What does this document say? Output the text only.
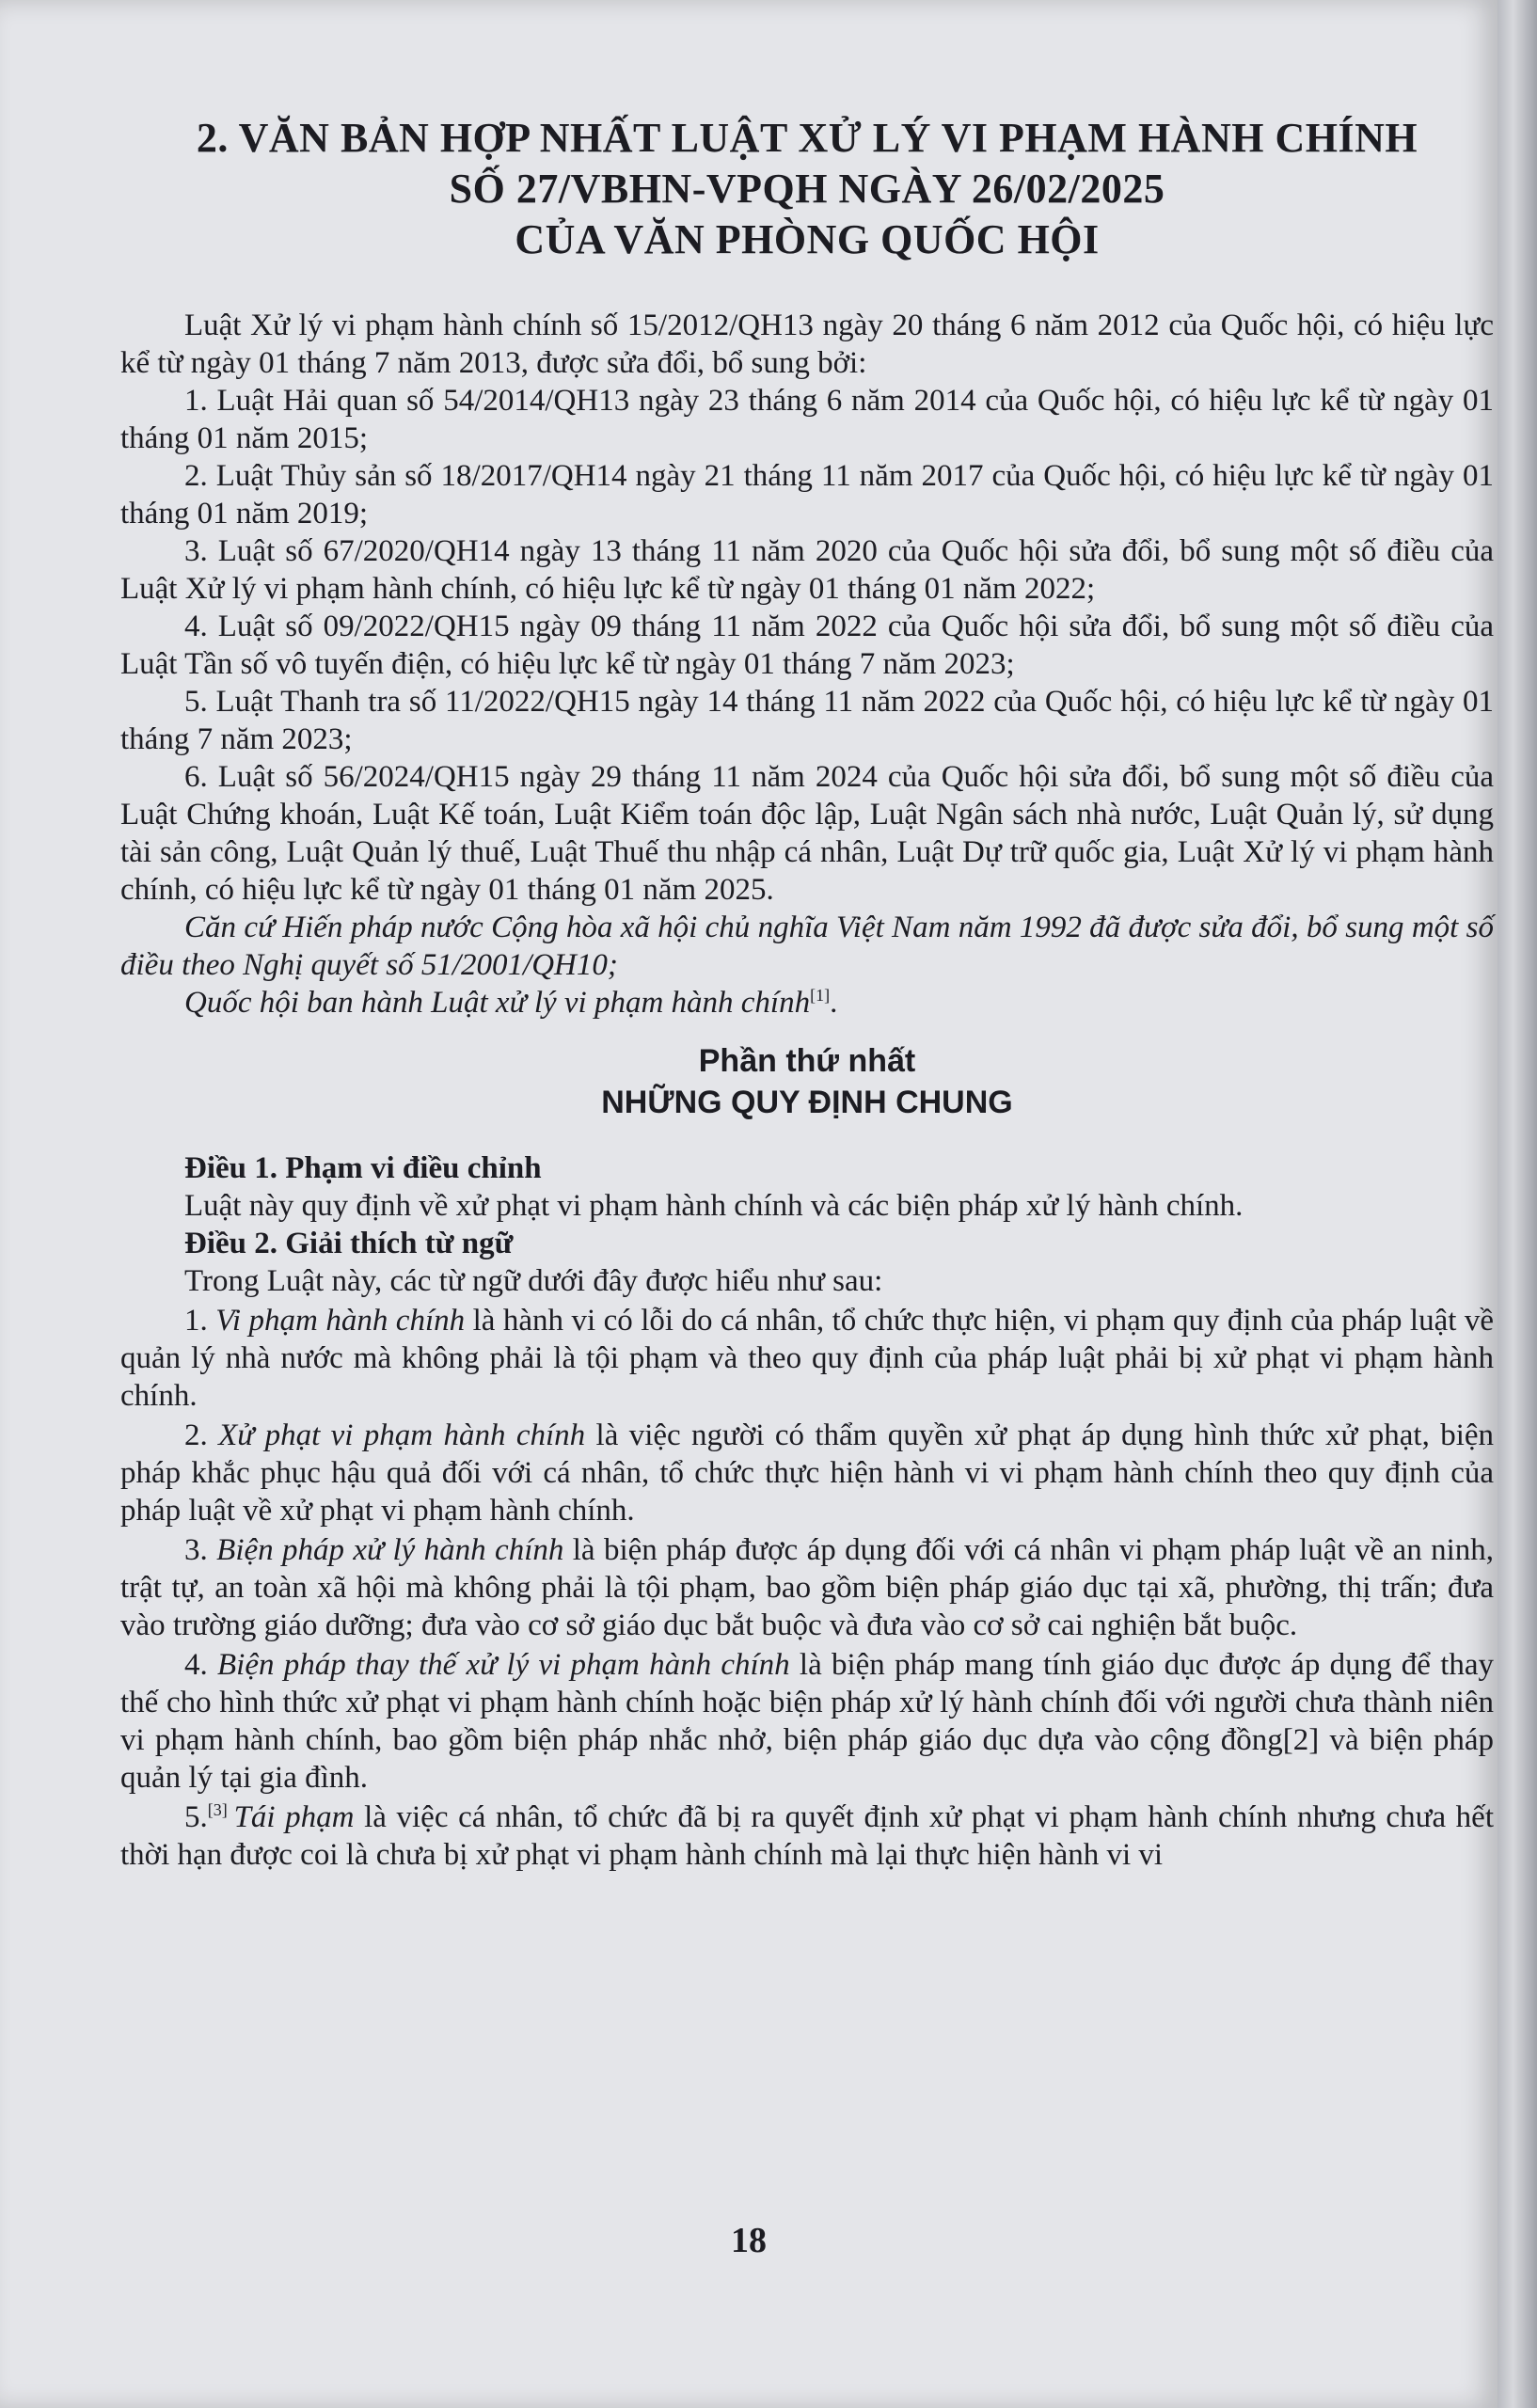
2. VĂN BẢN HỢP NHẤT LUẬT XỬ LÝ VI PHẠM HÀNH CHÍNH
SỐ 27/VBHN-VPQH NGÀY 26/02/2025
CỦA VĂN PHÒNG QUỐC HỘI

Luật Xử lý vi phạm hành chính số 15/2012/QH13 ngày 20 tháng 6 năm 2012 của Quốc hội, có hiệu lực kể từ ngày 01 tháng 7 năm 2013, được sửa đổi, bổ sung bởi:

1. Luật Hải quan số 54/2014/QH13 ngày 23 tháng 6 năm 2014 của Quốc hội, có hiệu lực kể từ ngày 01 tháng 01 năm 2015;

2. Luật Thủy sản số 18/2017/QH14 ngày 21 tháng 11 năm 2017 của Quốc hội, có hiệu lực kể từ ngày 01 tháng 01 năm 2019;

3. Luật số 67/2020/QH14 ngày 13 tháng 11 năm 2020 của Quốc hội sửa đổi, bổ sung một số điều của Luật Xử lý vi phạm hành chính, có hiệu lực kể từ ngày 01 tháng 01 năm 2022;

4. Luật số 09/2022/QH15 ngày 09 tháng 11 năm 2022 của Quốc hội sửa đổi, bổ sung một số điều của Luật Tần số vô tuyến điện, có hiệu lực kể từ ngày 01 tháng 7 năm 2023;

5. Luật Thanh tra số 11/2022/QH15 ngày 14 tháng 11 năm 2022 của Quốc hội, có hiệu lực kể từ ngày 01 tháng 7 năm 2023;

6. Luật số 56/2024/QH15 ngày 29 tháng 11 năm 2024 của Quốc hội sửa đổi, bổ sung một số điều của Luật Chứng khoán, Luật Kế toán, Luật Kiểm toán độc lập, Luật Ngân sách nhà nước, Luật Quản lý, sử dụng tài sản công, Luật Quản lý thuế, Luật Thuế thu nhập cá nhân, Luật Dự trữ quốc gia, Luật Xử lý vi phạm hành chính, có hiệu lực kể từ ngày 01 tháng 01 năm 2025.

Căn cứ Hiến pháp nước Cộng hòa xã hội chủ nghĩa Việt Nam năm 1992 đã được sửa đổi, bổ sung một số điều theo Nghị quyết số 51/2001/QH10;

Quốc hội ban hành Luật xử lý vi phạm hành chính[1].

Phần thứ nhất
NHỮNG QUY ĐỊNH CHUNG
Điều 1. Phạm vi điều chỉnh

Luật này quy định về xử phạt vi phạm hành chính và các biện pháp xử lý hành chính.

Điều 2. Giải thích từ ngữ

Trong Luật này, các từ ngữ dưới đây được hiểu như sau:

1. Vi phạm hành chính là hành vi có lỗi do cá nhân, tổ chức thực hiện, vi phạm quy định của pháp luật về quản lý nhà nước mà không phải là tội phạm và theo quy định của pháp luật phải bị xử phạt vi phạm hành chính.

2. Xử phạt vi phạm hành chính là việc người có thẩm quyền xử phạt áp dụng hình thức xử phạt, biện pháp khắc phục hậu quả đối với cá nhân, tổ chức thực hiện hành vi vi phạm hành chính theo quy định của pháp luật về xử phạt vi phạm hành chính.

3. Biện pháp xử lý hành chính là biện pháp được áp dụng đối với cá nhân vi phạm pháp luật về an ninh, trật tự, an toàn xã hội mà không phải là tội phạm, bao gồm biện pháp giáo dục tại xã, phường, thị trấn; đưa vào trường giáo dưỡng; đưa vào cơ sở giáo dục bắt buộc và đưa vào cơ sở cai nghiện bắt buộc.

4. Biện pháp thay thế xử lý vi phạm hành chính là biện pháp mang tính giáo dục được áp dụng để thay thế cho hình thức xử phạt vi phạm hành chính hoặc biện pháp xử lý hành chính đối với người chưa thành niên vi phạm hành chính, bao gồm biện pháp nhắc nhở, biện pháp giáo dục dựa vào cộng đồng[2] và biện pháp quản lý tại gia đình.

5.[3] Tái phạm là việc cá nhân, tổ chức đã bị ra quyết định xử phạt vi phạm hành chính nhưng chưa hết thời hạn được coi là chưa bị xử phạt vi phạm hành chính mà lại thực hiện hành vi vi

18
